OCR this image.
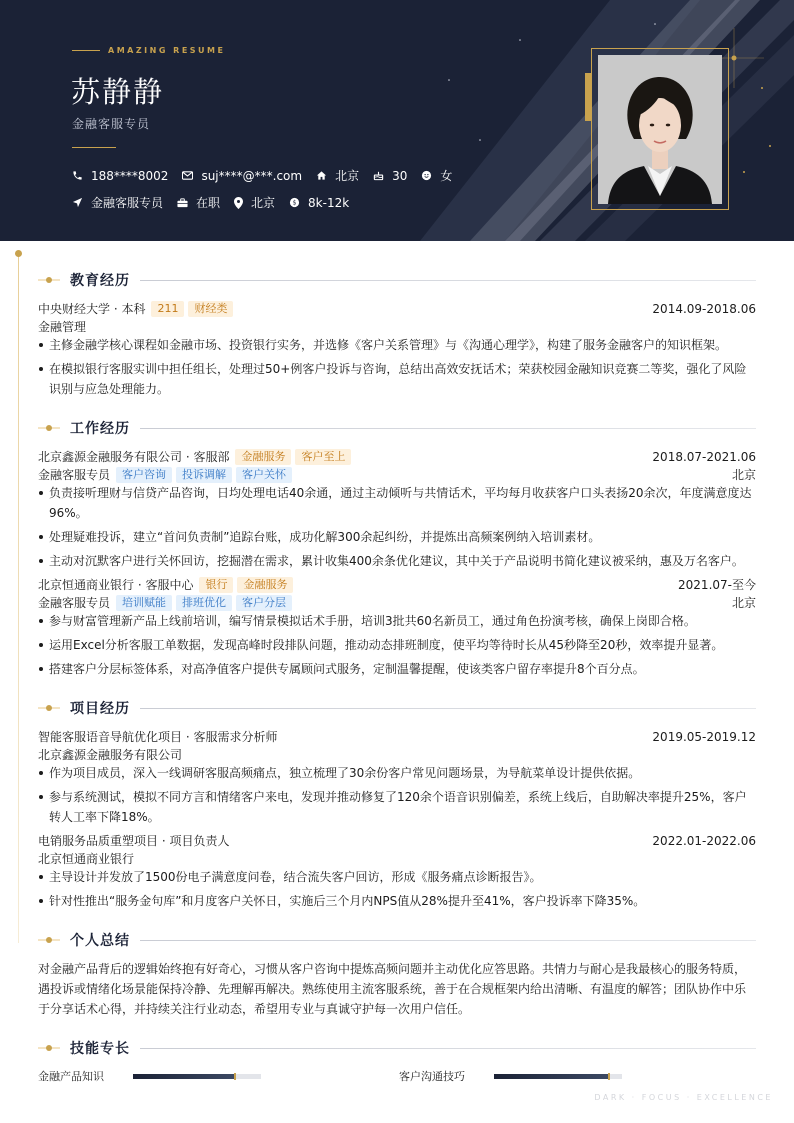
AMAZING RESUME
苏静静
金融客服专员
188****8002	suj****@***.com	北京	30	女
金融客服专员	在职	北京 $ 8k-12k
教育经历
中央财经大学 · 本科	211	财经类	2014.09-2018.06
金融管理
主修金融学核心课程如金融市场、投资银行实务，并选修《客户关系管理》与《沟通心理学》，构建了服务金融客户的知识框架。
在模拟银行客服实训中担任组长，处理过50+例客户投诉与咨询，总结出高效安抚话术；荣获校园金融知识竞赛二等奖，强化了风险识别与应急处理能力。
工作经历
北京鑫源金融服务有限公司 · 客服部	金融服务	客户至上	2018.07-2021.06
金融客服专员	客户咨询	投诉调解	客户关怀	北京
负责接听理财与信贷产品咨询，日均处理电话40余通，通过主动倾听与共情话术，平均每月收获客户口头表扬20余次，年度满意度达96%。
处理疑难投诉，建立“首问负责制”追踪台账，成功化解300余起纠纷，并提炼出高频案例纳入培训素材。
主动对沉默客户进行关怀回访，挖掘潜在需求，累计收集400余条优化建议，其中关于产品说明书简化建议被采纳，惠及万名客户。
北京恒通商业银行 · 客服中心	银行	金融服务	2021.07-至今
金融客服专员	培训赋能	排班优化	客户分层	北京
参与财富管理新产品上线前培训，编写情景模拟话术手册，培训3批共60名新员工，通过角色扮演考核，确保上岗即合格。
运用Excel分析客服工单数据，发现高峰时段排队问题，推动动态排班制度，使平均等待时长从45秒降至20秒，效率提升显著。
搭建客户分层标签体系，对高净值客户提供专属顾问式服务，定制温馨提醒，使该类客户留存率提升8个百分点。
项目经历
智能客服语音导航优化项目 · 客服需求分析师	2019.05-2019.12
北京鑫源金融服务有限公司
作为项目成员，深入一线调研客服高频痛点，独立梳理了30余份客户常见问题场景，为导航菜单设计提供依据。
参与系统测试，模拟不同方言和情绪客户来电，发现并推动修复了120余个语音识别偏差，系统上线后，自助解决率提升25%，客户转人工率下降18%。
电销服务品质重塑项目 · 项目负责人	2022.01-2022.06
北京恒通商业银行
主导设计并发放了1500份电子满意度问卷，结合流失客户回访，形成《服务痛点诊断报告》。
针对性推出“服务金句库”和月度客户关怀日，实施后三个月内NPS值从28%提升至41%，客户投诉率下降35%。
个人总结
对金融产品背后的逻辑始终抱有好奇心，习惯从客户咨询中提炼高频问题并主动优化应答思路。共情力与耐心是我最核心的服务特质，遇投诉或情绪化场景能保持冷静、先理解再解决。熟练使用主流客服系统，善于在合规框架内给出清晰、有温度的解答；团队协作中乐于分享话术心得，并持续关注行业动态，希望用专业与真诚守护每一次用户信任。
技能专长
金融产品知识	客户沟通技巧
DARK · FOCUS · EXCELLENCE
